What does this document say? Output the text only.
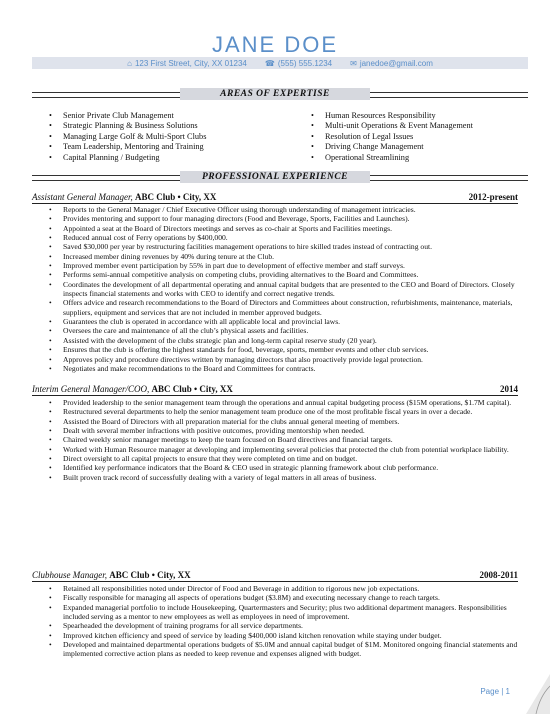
JANE DOE
⌂ 123 First Street, City, XX 01234 ☎ (555) 555.1234 ✉ janedoe@gmail.com
AREAS OF EXPERTISE
• Senior Private Club Management
• Strategic Planning & Business Solutions
• Managing Large Golf & Multi-Sport Clubs
• Team Leadership, Mentoring and Training
• Capital Planning / Budgeting
• Human Resources Responsibility
• Multi-unit Operations & Event Management
• Resolution of Legal Issues
• Driving Change Management
• Operational Streamlining
PROFESSIONAL EXPERIENCE
Assistant General Manager, ABC Club • City, XX	2012-present
• Reports to the General Manager / Chief Executive Officer using thorough understanding of management intricacies.
• Provides mentoring and support to four managing directors (Food and Beverage, Sports, Facilities and Launches).
• Appointed a seat at the Board of Directors meetings and serves as co-chair at Sports and Facilities meetings.
• Reduced annual cost of Ferry operations by $400,000.
• Saved $30,000 per year by restructuring facilities management operations to hire skilled trades instead of contracting out.
• Increased member dining revenues by 40% during tenure at the Club.
• Improved member event participation by 55% in part due to development of effective member and staff surveys.
• Performs semi-annual competitive analysis on competing clubs, providing alternatives to the Board and Committees.
• Coordinates the development of all departmental operating and annual capital budgets that are presented to the CEO and Board of Directors. Closely inspects financial statements and works with CEO to identify and correct negative trends.
• Offers advice and research recommendations to the Board of Directors and Committees about construction, refurbishments, maintenance, materials, suppliers, equipment and services that are not included in member approved budgets.
• Guarantees the club is operated in accordance with all applicable local and provincial laws.
• Oversees the care and maintenance of all the club’s physical assets and facilities.
• Assisted with the development of the clubs strategic plan and long-term capital reserve study (20 year).
• Ensures that the club is offering the highest standards for food, beverage, sports, member events and other club services.
• Approves policy and procedure directives written by managing directors that also proactively provide legal protection.
• Negotiates and make recommendations to the Board and Committees for contracts.
Interim General Manager/COO, ABC Club • City, XX	2014
• Provided leadership to the senior management team through the operations and annual capital budgeting process ($15M operations, $1.7M capital).
• Restructured several departments to help the senior management team produce one of the most profitable fiscal years in over a decade.
• Assisted the Board of Directors with all preparation material for the clubs annual general meeting of members.
• Dealt with several member infractions with positive outcomes, providing mentorship when needed.
• Chaired weekly senior manager meetings to keep the team focused on Board directives and financial targets.
• Worked with Human Resource manager at developing and implementing several policies that protected the club from potential workplace liability.
• Direct oversight to all capital projects to ensure that they were completed on time and on budget.
• Identified key performance indicators that the Board & CEO used in strategic planning framework about club performance.
• Built proven track record of successfully dealing with a variety of legal matters in all areas of business.
Clubhouse Manager, ABC Club • City, XX	2008-2011
• Retained all responsibilities noted under Director of Food and Beverage in addition to rigorous new job expectations.
• Fiscally responsible for managing all aspects of operations budget ($3.8M) and executing necessary change to reach targets.
• Expanded managerial portfolio to include Housekeeping, Quartermasters and Security; plus two additional department managers. Responsibilities included serving as a mentor to new employees as well as employees in need of improvement.
• Spearheaded the development of training programs for all service departments.
• Improved kitchen efficiency and speed of service by leading $400,000 island kitchen renovation while staying under budget.
• Developed and maintained departmental operations budgets of $5.0M and annual capital budget of $1M. Monitored ongoing financial statements and implemented corrective action plans as needed to keep revenue and expenses aligned with budget.
Page | 1
